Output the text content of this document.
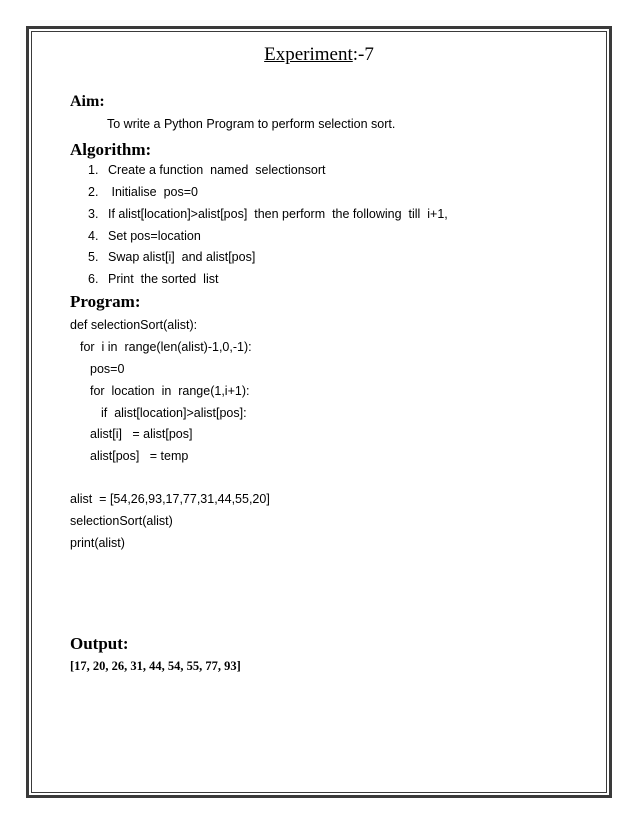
Experiment:-7
Aim:
To write a Python Program to perform selection sort.
Algorithm:
1. Create a function  named  selectionsort
2. Initialise  pos=0
3. If alist[location]>alist[pos]  then perform  the following  till  i+1,
4. Set pos=location
5. Swap alist[i]  and alist[pos]
6. Print  the sorted  list
Program:
def selectionSort(alist):
for  i in  range(len(alist)-1,0,-1):
pos=0
for  location  in  range(1,i+1):
if  alist[location]>alist[pos]:
alist[i]   = alist[pos]
alist[pos]   = temp
alist  = [54,26,93,17,77,31,44,55,20]
selectionSort(alist)
print(alist)
Output:
[17, 20, 26, 31, 44, 54, 55, 77, 93]
